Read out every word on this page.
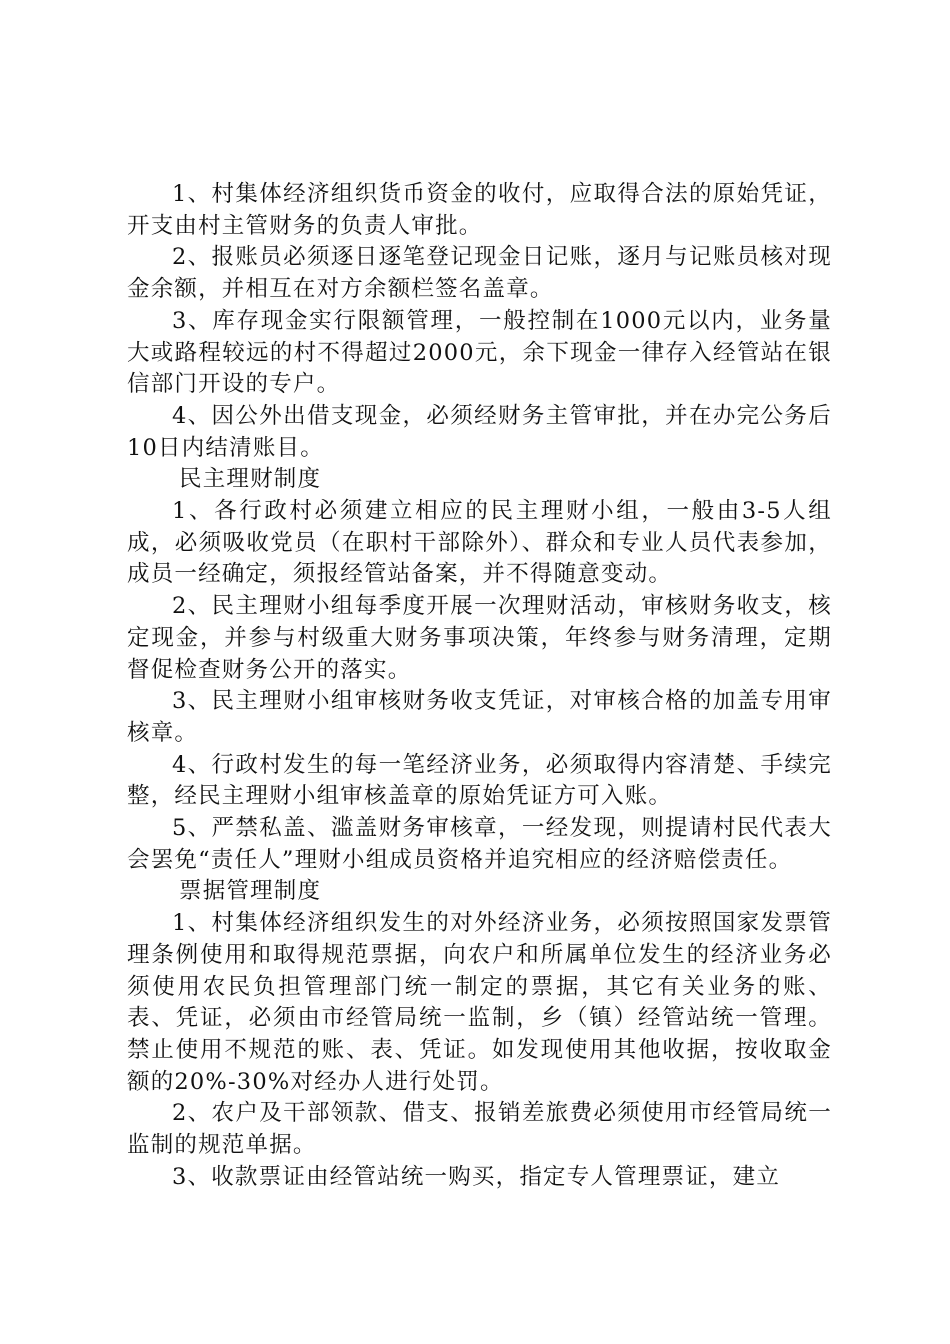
1、村集体经济组织货币资金的收付，应取得合法的原始凭证，开支由村主管财务的负责人审批。

2、报账员必须逐日逐笔登记现金日记账，逐月与记账员核对现金余额，并相互在对方余额栏签名盖章。

3、库存现金实行限额管理，一般控制在1000元以内，业务量大或路程较远的村不得超过2000元，余下现金一律存入经管站在银信部门开设的专户。

4、因公外出借支现金，必须经财务主管审批，并在办完公务后10日内结清账目。

民主理财制度

1、各行政村必须建立相应的民主理财小组，一般由3-5人组成，必须吸收党员（在职村干部除外）、群众和专业人员代表参加，成员一经确定，须报经管站备案，并不得随意变动。

2、民主理财小组每季度开展一次理财活动，审核财务收支，核定现金，并参与村级重大财务事项决策，年终参与财务清理，定期督促检查财务公开的落实。

3、民主理财小组审核财务收支凭证，对审核合格的加盖专用审核章。

4、行政村发生的每一笔经济业务，必须取得内容清楚、手续完整，经民主理财小组审核盖章的原始凭证方可入账。

5、严禁私盖、滥盖财务审核章，一经发现，则提请村民代表大会罢免“责任人”理财小组成员资格并追究相应的经济赔偿责任。

票据管理制度

1、村集体经济组织发生的对外经济业务，必须按照国家发票管理条例使用和取得规范票据，向农户和所属单位发生的经济业务必须使用农民负担管理部门统一制定的票据，其它有关业务的账、表、凭证，必须由市经管局统一监制，乡（镇）经管站统一管理。禁止使用不规范的账、表、凭证。如发现使用其他收据，按收取金额的20%-30%对经办人进行处罚。

2、农户及干部领款、借支、报销差旅费必须使用市经管局统一监制的规范单据。

3、收款票证由经管站统一购买，指定专人管理票证，建立
